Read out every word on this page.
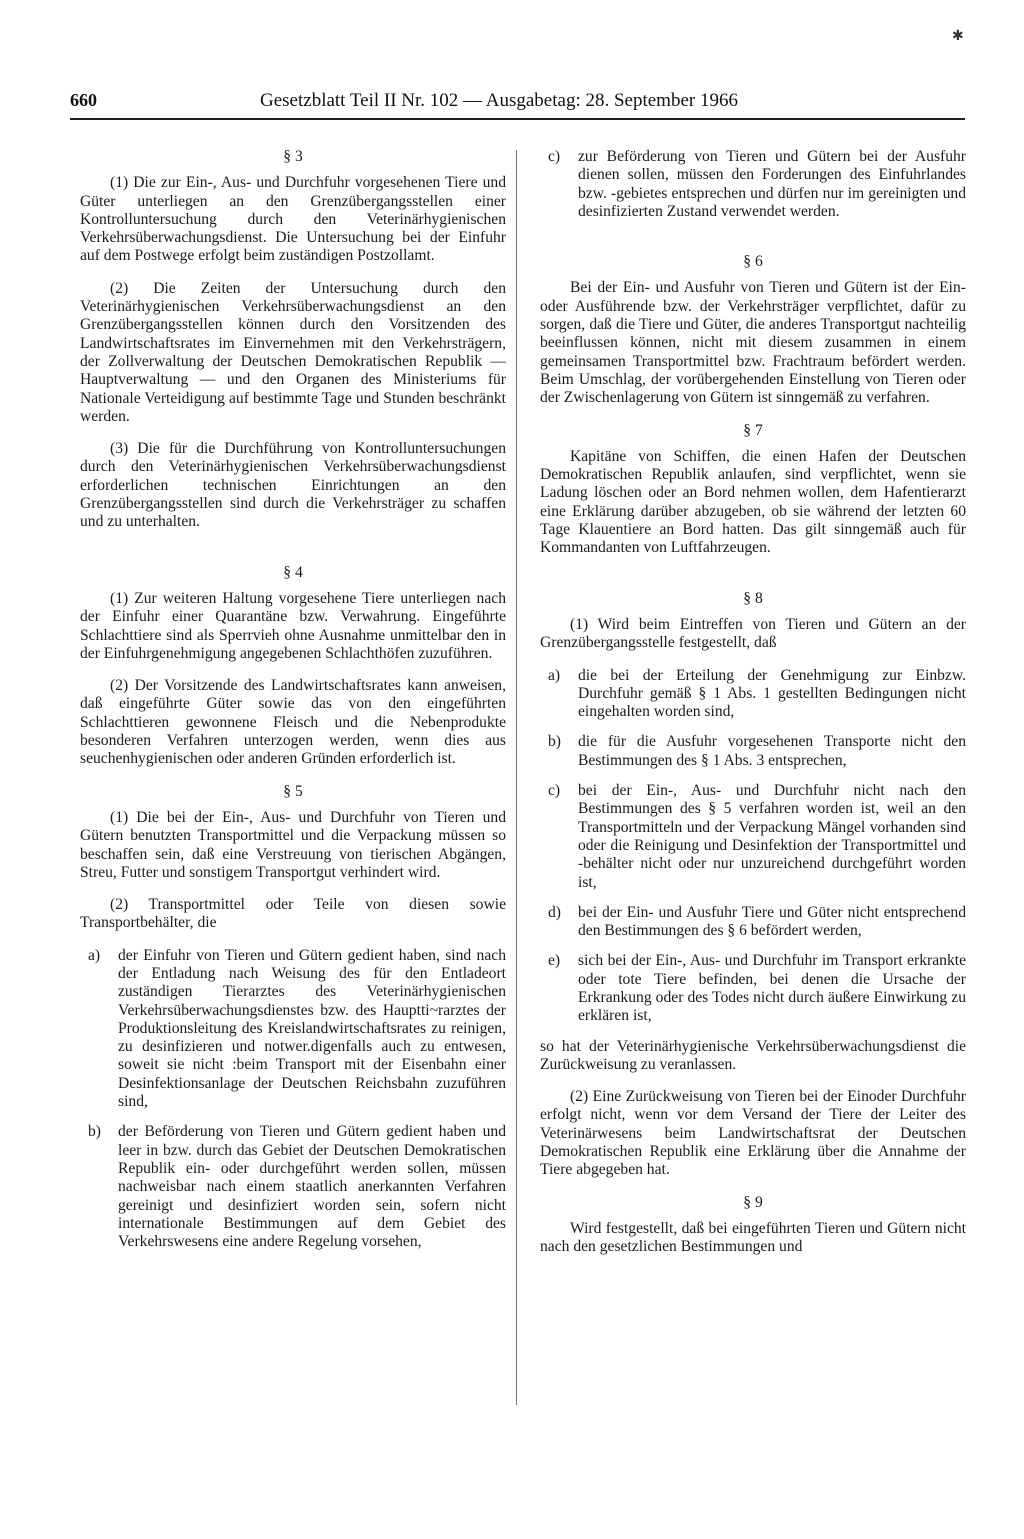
660	Gesetzblatt Teil II Nr. 102 — Ausgabetag: 28. September 1966
✱
§ 3

(1) Die zur Ein-, Aus- und Durchfuhr vorgesehenen Tiere und Güter unterliegen an den Grenzübergangsstellen einer Kontrolluntersuchung durch den Veterinärhygienischen Verkehrsüberwachungsdienst. Die Untersuchung bei der Einfuhr auf dem Postwege erfolgt beim zuständigen Postzollamt.

(2) Die Zeiten der Untersuchung durch den Veterinärhygienischen Verkehrsüberwachungsdienst an den Grenzübergangsstellen können durch den Vorsitzenden des Landwirtschaftsrates im Einvernehmen mit den Verkehrsträgern, der Zollverwaltung der Deutschen Demokratischen Republik — Hauptverwaltung — und den Organen des Ministeriums für Nationale Verteidigung auf bestimmte Tage und Stunden beschränkt werden.

(3) Die für die Durchführung von Kontrolluntersuchungen durch den Veterinärhygienischen Verkehrsüberwachungsdienst erforderlichen technischen Einrichtungen an den Grenzübergangsstellen sind durch die Verkehrsträger zu schaffen und zu unterhalten.

§ 4

(1) Zur weiteren Haltung vorgesehene Tiere unterliegen nach der Einfuhr einer Quarantäne bzw. Verwahrung. Eingeführte Schlachttiere sind als Sperrvieh ohne Ausnahme unmittelbar den in der Einfuhrgenehmigung angegebenen Schlachthöfen zuzuführen.

(2) Der Vorsitzende des Landwirtschaftsrates kann anweisen, daß eingeführte Güter sowie das von den eingeführten Schlachttieren gewonnene Fleisch und die Nebenprodukte besonderen Verfahren unterzogen werden, wenn dies aus seuchenhygienischen oder anderen Gründen erforderlich ist.

§ 5

(1) Die bei der Ein-, Aus- und Durchfuhr von Tieren und Gütern benutzten Transportmittel und die Verpackung müssen so beschaffen sein, daß eine Verstreuung von tierischen Abgängen, Streu, Futter und sonstigem Transportgut verhindert wird.

(2) Transportmittel oder Teile von diesen sowie Transportbehälter, die

a)	der Einfuhr von Tieren und Gütern gedient haben, sind nach der Entladung nach Weisung des für den Entladeort zuständigen Tierarztes des Veterinärhygienischen Verkehrsüberwachungsdienstes bzw. des Hauptti~rarztes der Produktionsleitung des Kreislandwirtschaftsrates zu reinigen, zu desinfizieren und notwer.digenfalls auch zu entwesen, soweit sie nicht :beim Transport mit der Eisenbahn einer Desinfektionsanlage der Deutschen Reichsbahn zuzuführen sind,
b)	der Beförderung von Tieren und Gütern gedient haben und leer in bzw. durch das Gebiet der Deutschen Demokratischen Republik ein- oder durchgeführt werden sollen, müssen nachweisbar nach einem staatlich anerkannten Verfahren gereinigt und desinfiziert worden sein, sofern nicht internationale Bestimmungen auf dem Gebiet des Verkehrswesens eine andere Regelung vorsehen,
c)	zur Beförderung von Tieren und Gütern bei der Ausfuhr dienen sollen, müssen den Forderungen des Einfuhrlandes bzw. -gebietes entsprechen und dürfen nur im gereinigten und desinfizierten Zustand verwendet werden.
§ 6

Bei der Ein- und Ausfuhr von Tieren und Gütern ist der Ein- oder Ausführende bzw. der Verkehrsträger verpflichtet, dafür zu sorgen, daß die Tiere und Güter, die anderes Transportgut nachteilig beeinflussen können, nicht mit diesem zusammen in einem gemeinsamen Transportmittel bzw. Frachtraum befördert werden. Beim Umschlag, der vorübergehenden Einstellung von Tieren oder der Zwischenlagerung von Gütern ist sinngemäß zu verfahren.

§ 7

Kapitäne von Schiffen, die einen Hafen der Deutschen Demokratischen Republik anlaufen, sind verpflichtet, wenn sie Ladung löschen oder an Bord nehmen wollen, dem Hafentierarzt eine Erklärung darüber abzugeben, ob sie während der letzten 60 Tage Klauentiere an Bord hatten. Das gilt sinngemäß auch für Kommandanten von Luftfahrzeugen.

§ 8

(1) Wird beim Eintreffen von Tieren und Gütern an der Grenzübergangsstelle festgestellt, daß

a)	die bei der Erteilung der Genehmigung zur Einbzw. Durchfuhr gemäß § 1 Abs. 1 gestellten Bedingungen nicht eingehalten worden sind,
b)	die für die Ausfuhr vorgesehenen Transporte nicht den Bestimmungen des § 1 Abs. 3 entsprechen,
c)	bei der Ein-, Aus- und Durchfuhr nicht nach den Bestimmungen des § 5 verfahren worden ist, weil an den Transportmitteln und der Verpackung Mängel vorhanden sind oder die Reinigung und Desinfektion der Transportmittel und -behälter nicht oder nur unzureichend durchgeführt worden ist,
d)	bei der Ein- und Ausfuhr Tiere und Güter nicht entsprechend den Bestimmungen des § 6 befördert werden,
e)	sich bei der Ein-, Aus- und Durchfuhr im Transport erkrankte oder tote Tiere befinden, bei denen die Ursache der Erkrankung oder des Todes nicht durch äußere Einwirkung zu erklären ist,

so hat der Veterinärhygienische Verkehrsüberwachungsdienst die Zurückweisung zu veranlassen.

(2) Eine Zurückweisung von Tieren bei der Einoder Durchfuhr erfolgt nicht, wenn vor dem Versand der Tiere der Leiter des Veterinärwesens beim Landwirtschaftsrat der Deutschen Demokratischen Republik eine Erklärung über die Annahme der Tiere abgegeben hat.

§ 9

Wird festgestellt, daß bei eingeführten Tieren und Gütern nicht nach den gesetzlichen Bestimmungen und
